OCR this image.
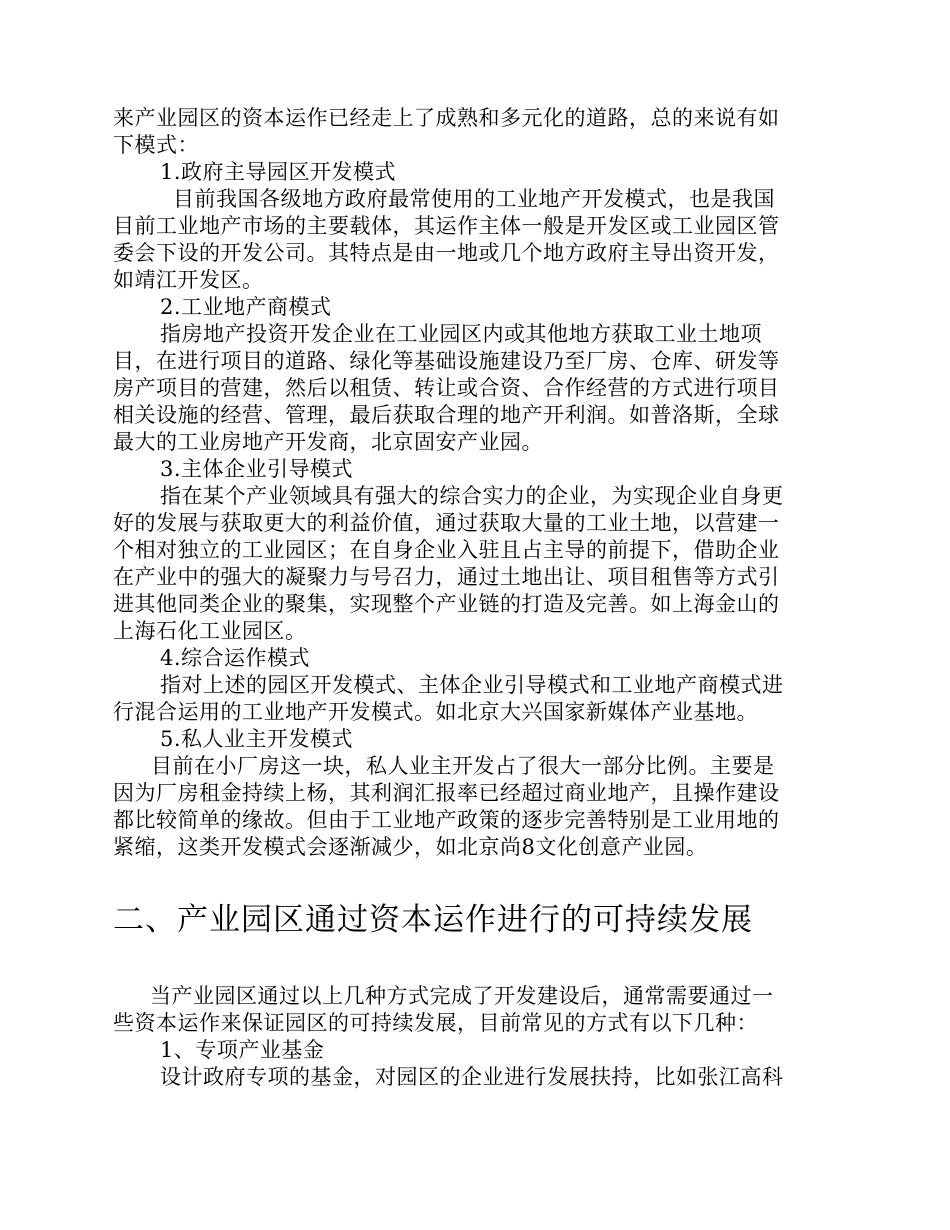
来产业园区的资本运作已经走上了成熟和多元化的道路，总的来说有如
下模式：
1.政府主导园区开发模式
目前我国各级地方政府最常使用的工业地产开发模式，也是我国
目前工业地产市场的主要载体，其运作主体一般是开发区或工业园区管
委会下设的开发公司。其特点是由一地或几个地方政府主导出资开发，
如靖江开发区。
2.工业地产商模式
指房地产投资开发企业在工业园区内或其他地方获取工业土地项
目，在进行项目的道路、绿化等基础设施建设乃至厂房、仓库、研发等
房产项目的营建，然后以租赁、转让或合资、合作经营的方式进行项目
相关设施的经营、管理，最后获取合理的地产开利润。如普洛斯，全球
最大的工业房地产开发商，北京固安产业园。
3.主体企业引导模式
指在某个产业领域具有强大的综合实力的企业，为实现企业自身更
好的发展与获取更大的利益价值，通过获取大量的工业土地，以营建一
个相对独立的工业园区；在自身企业入驻且占主导的前提下，借助企业
在产业中的强大的凝聚力与号召力，通过土地出让、项目租售等方式引
进其他同类企业的聚集，实现整个产业链的打造及完善。如上海金山的
上海石化工业园区。
4.综合运作模式
指对上述的园区开发模式、主体企业引导模式和工业地产商模式进
行混合运用的工业地产开发模式。如北京大兴国家新媒体产业基地。
5.私人业主开发模式
目前在小厂房这一块，私人业主开发占了很大一部分比例。主要是
因为厂房租金持续上杨，其利润汇报率已经超过商业地产，且操作建设
都比较简单的缘故。但由于工业地产政策的逐步完善特别是工业用地的
紧缩，这类开发模式会逐渐减少，如北京尚8文化创意产业园。
二、产业园区通过资本运作进行的可持续发展
当产业园区通过以上几种方式完成了开发建设后，通常需要通过一
些资本运作来保证园区的可持续发展，目前常见的方式有以下几种：
1、专项产业基金
设计政府专项的基金，对园区的企业进行发展扶持，比如张江高科
